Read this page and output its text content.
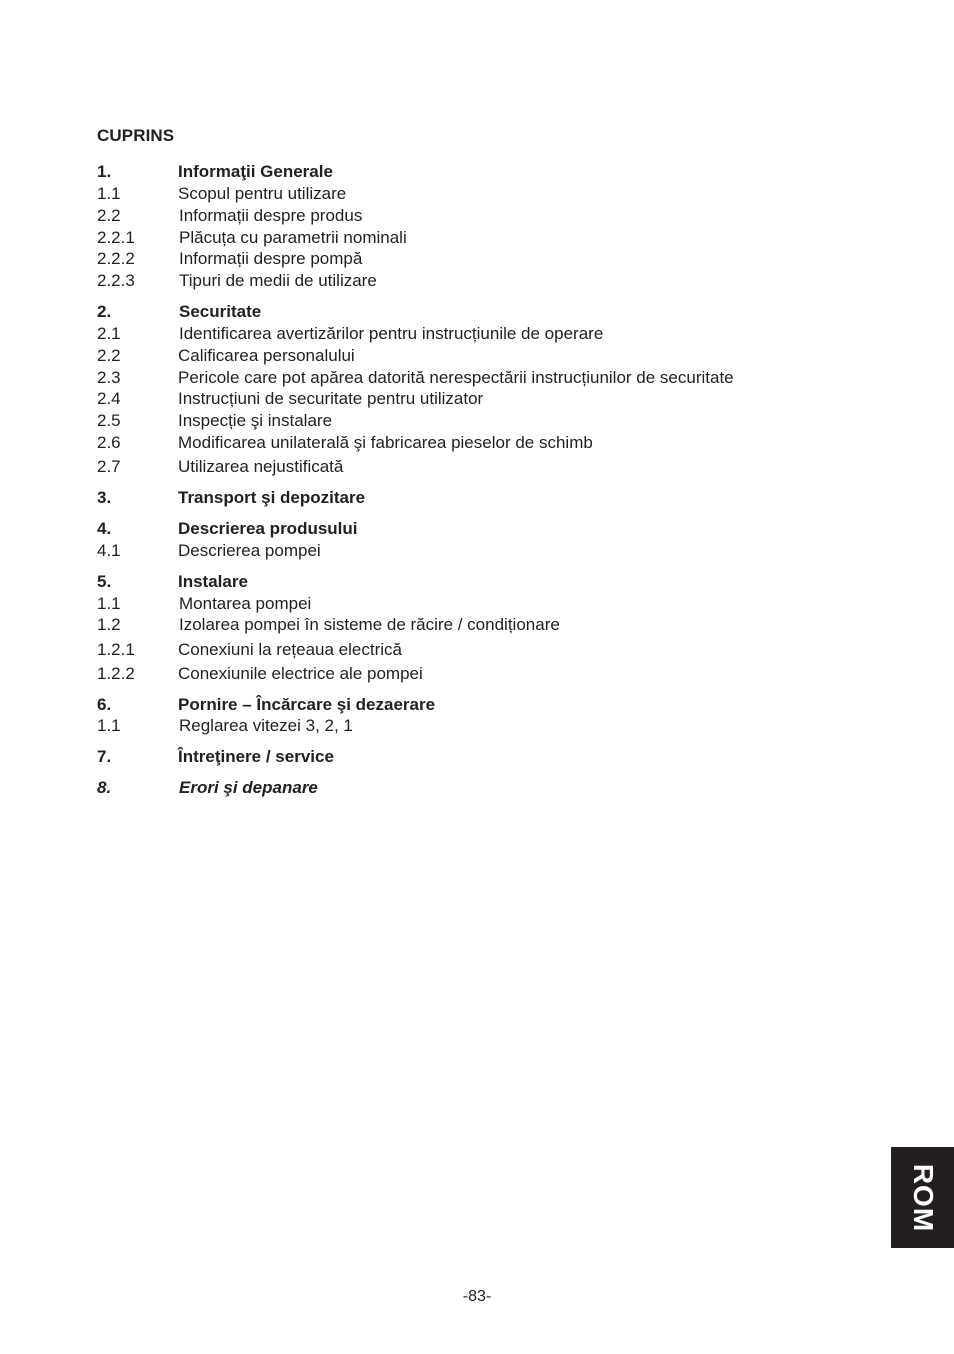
CUPRINS
1.	Informaţii Generale
1.1	Scopul pentru utilizare
2.2	Informații despre produs
2.2.1	Plăcuța cu parametrii nominali
2.2.2	Informații despre pompă
2.2.3	Tipuri de medii de utilizare
2.	Securitate
2.1	Identificarea avertizărilor pentru instrucțiunile de operare
2.2	Calificarea personalului
2.3	Pericole care pot apărea datorită nerespectării instrucțiunilor de securitate
2.4	Instrucțiuni de securitate pentru utilizator
2.5	Inspecție şi instalare
2.6	Modificarea unilaterală şi fabricarea pieselor de schimb
2.7	Utilizarea nejustificată
3.	Transport şi depozitare
4.	Descrierea produsului
4.1	Descrierea pompei
5.	Instalare
1.1	Montarea pompei
1.2	Izolarea pompei în sisteme de răcire / condiționare
1.2.1	Conexiuni la rețeaua electrică
1.2.2	Conexiunile electrice ale pompei
6.	Pornire – Încărcare şi dezaerare
1.1	Reglarea vitezei 3, 2, 1
7.	Întreţinere / service
8.	Erori şi depanare
ROM
-83-
